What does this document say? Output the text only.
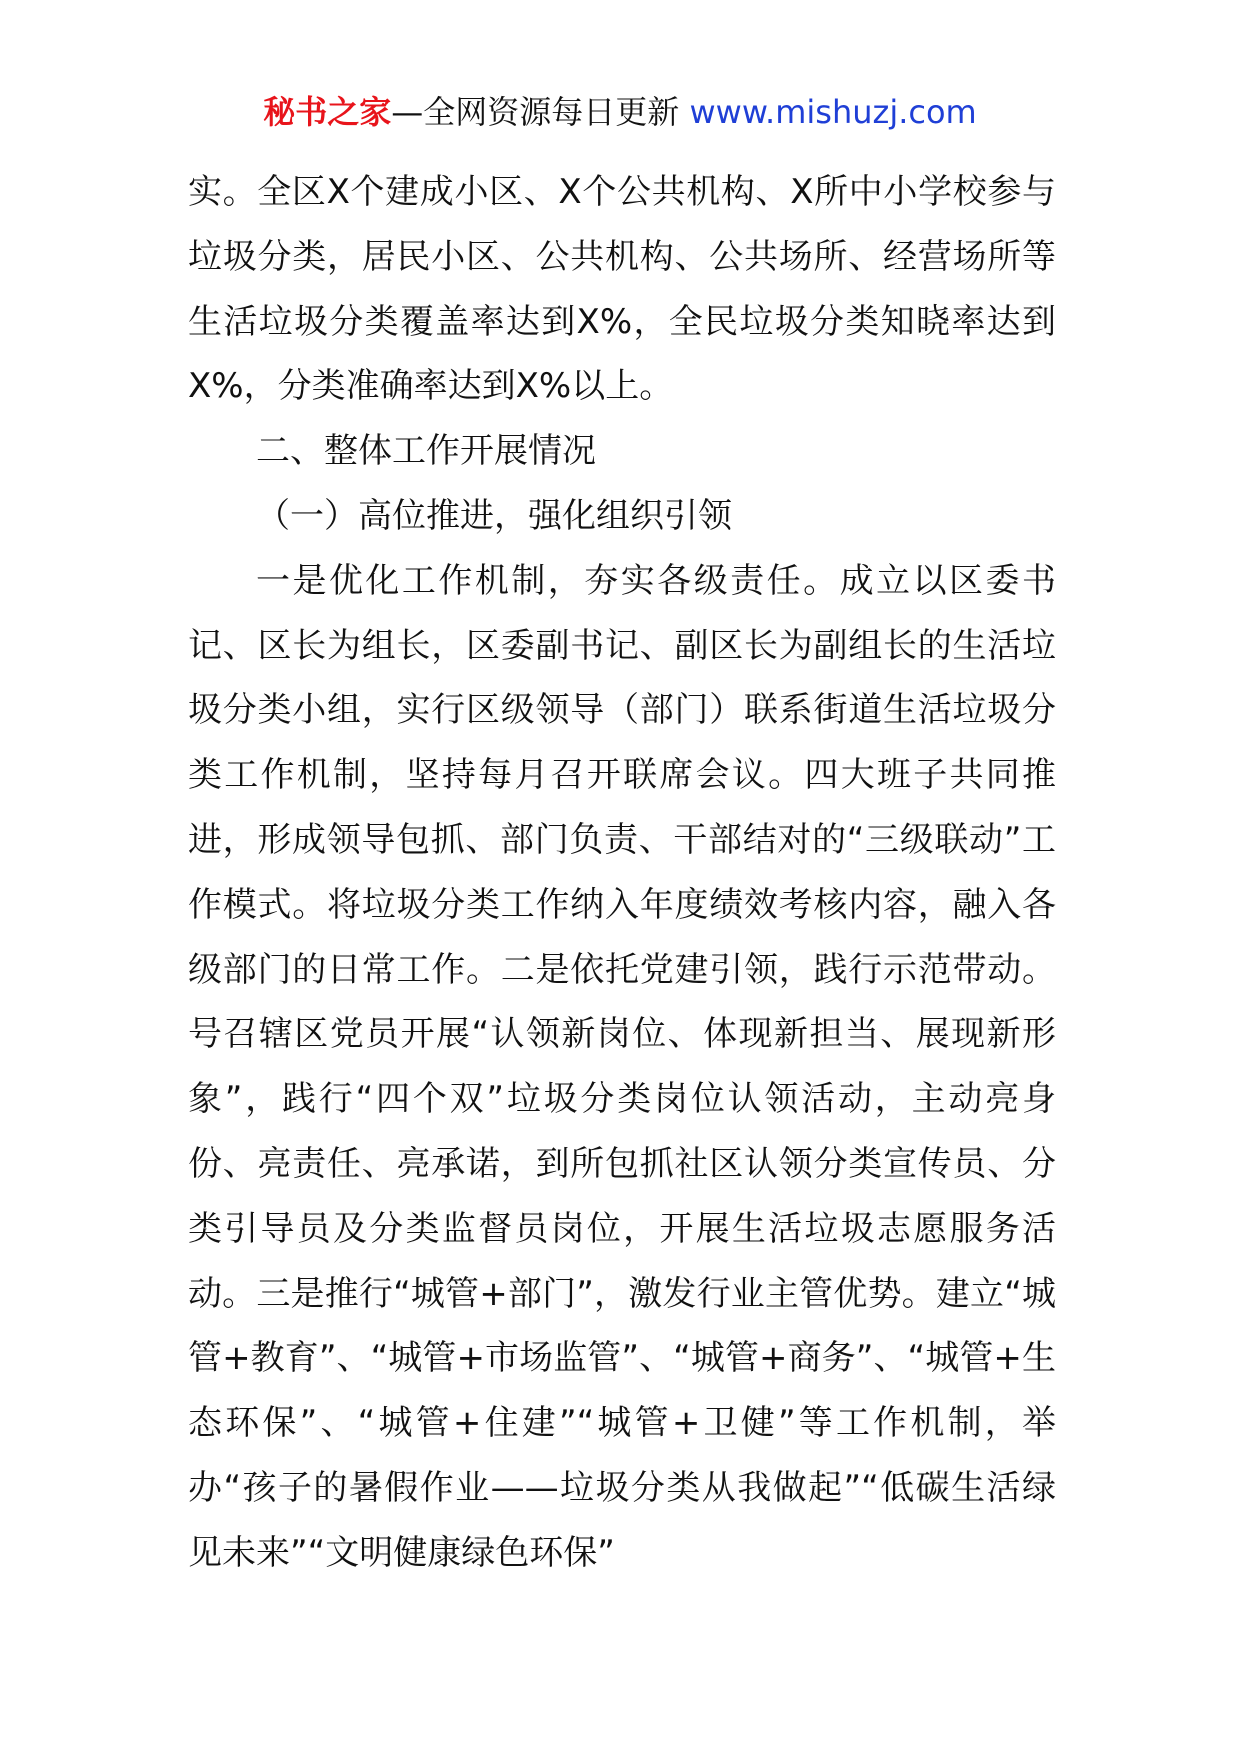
秘书之家—全网资源每日更新 www.mishuzj.com

实。全区X个建成小区、X个公共机构、X所中小学校参与垃圾分类，居民小区、公共机构、公共场所、经营场所等生活垃圾分类覆盖率达到X%，全民垃圾分类知晓率达到X%，分类准确率达到X%以上。

二、整体工作开展情况

（一）高位推进，强化组织引领

一是优化工作机制，夯实各级责任。成立以区委书记、区长为组长，区委副书记、副区长为副组长的生活垃圾分类小组，实行区级领导（部门）联系街道生活垃圾分类工作机制，坚持每月召开联席会议。四大班子共同推进，形成领导包抓、部门负责、干部结对的“三级联动”工作模式。将垃圾分类工作纳入年度绩效考核内容，融入各级部门的日常工作。二是依托党建引领，践行示范带动。号召辖区党员开展“认领新岗位、体现新担当、展现新形象”，践行“四个双”垃圾分类岗位认领活动，主动亮身份、亮责任、亮承诺，到所包抓社区认领分类宣传员、分类引导员及分类监督员岗位，开展生活垃圾志愿服务活动。三是推行“城管+部门”，激发行业主管优势。建立“城管+教育”、“城管+市场监管”、“城管+商务”、“城管+生态环保”、“城管+住建”“城管+卫健”等工作机制，举办“孩子的暑假作业——垃圾分类从我做起”“低碳生活绿见未来”“文明健康绿色环保”
